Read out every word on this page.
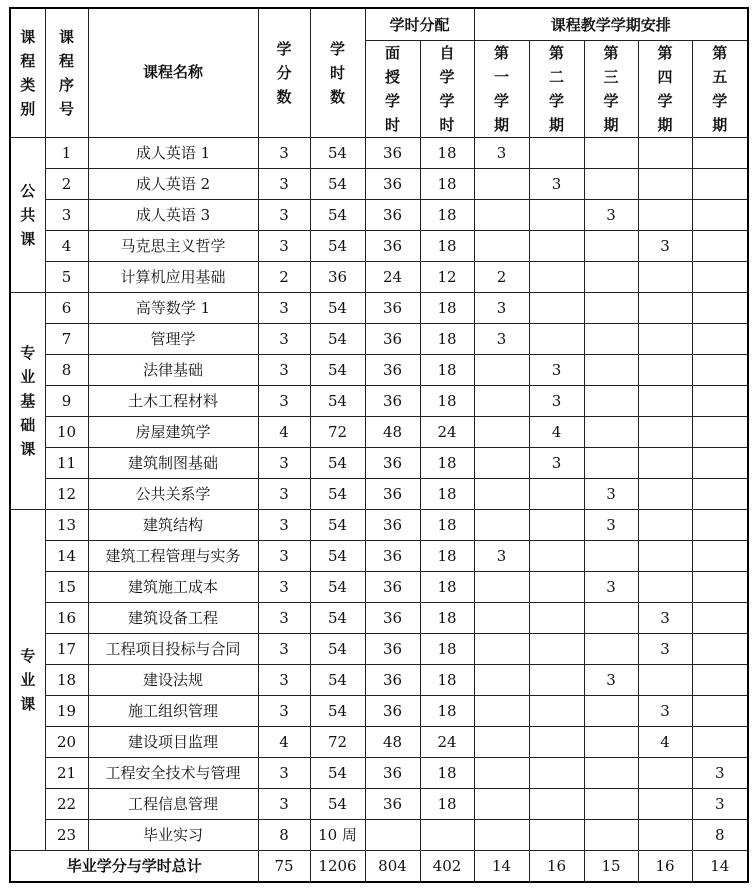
课程类别	课程序号	课程名称	学分数	学时数	学时分配		课程教学学期安排				
					面授学时	自学学时	第一学期	第二学期	第三学期	第四学期	第五学期
公共课	1	成人英语 1	3	54	36	18	3				
	2	成人英语 2	3	54	36	18		3			
	3	成人英语 3	3	54	36	18			3		
	4	马克思主义哲学	3	54	36	18				3	
	5	计算机应用基础	2	36	24	12	2				
专业基础课	6	高等数学 1	3	54	36	18	3				
	7	管理学	3	54	36	18	3				
	8	法律基础	3	54	36	18		3			
	9	土木工程材料	3	54	36	18		3			
	10	房屋建筑学	4	72	48	24		4			
	11	建筑制图基础	3	54	36	18		3			
	12	公共关系学	3	54	36	18			3		
专业课	13	建筑结构	3	54	36	18			3		
	14	建筑工程管理与实务	3	54	36	18	3				
	15	建筑施工成本	3	54	36	18			3		
	16	建筑设备工程	3	54	36	18				3	
	17	工程项目投标与合同	3	54	36	18				3	
	18	建设法规	3	54	36	18			3		
	19	施工组织管理	3	54	36	18				3	
	20	建设项目监理	4	72	48	24				4	
	21	工程安全技术与管理	3	54	36	18					3
	22	工程信息管理	3	54	36	18					3
	23	毕业实习	8	10 周							8
毕业学分与学时总计			75	1206	804	402	14	16	15	16	14
